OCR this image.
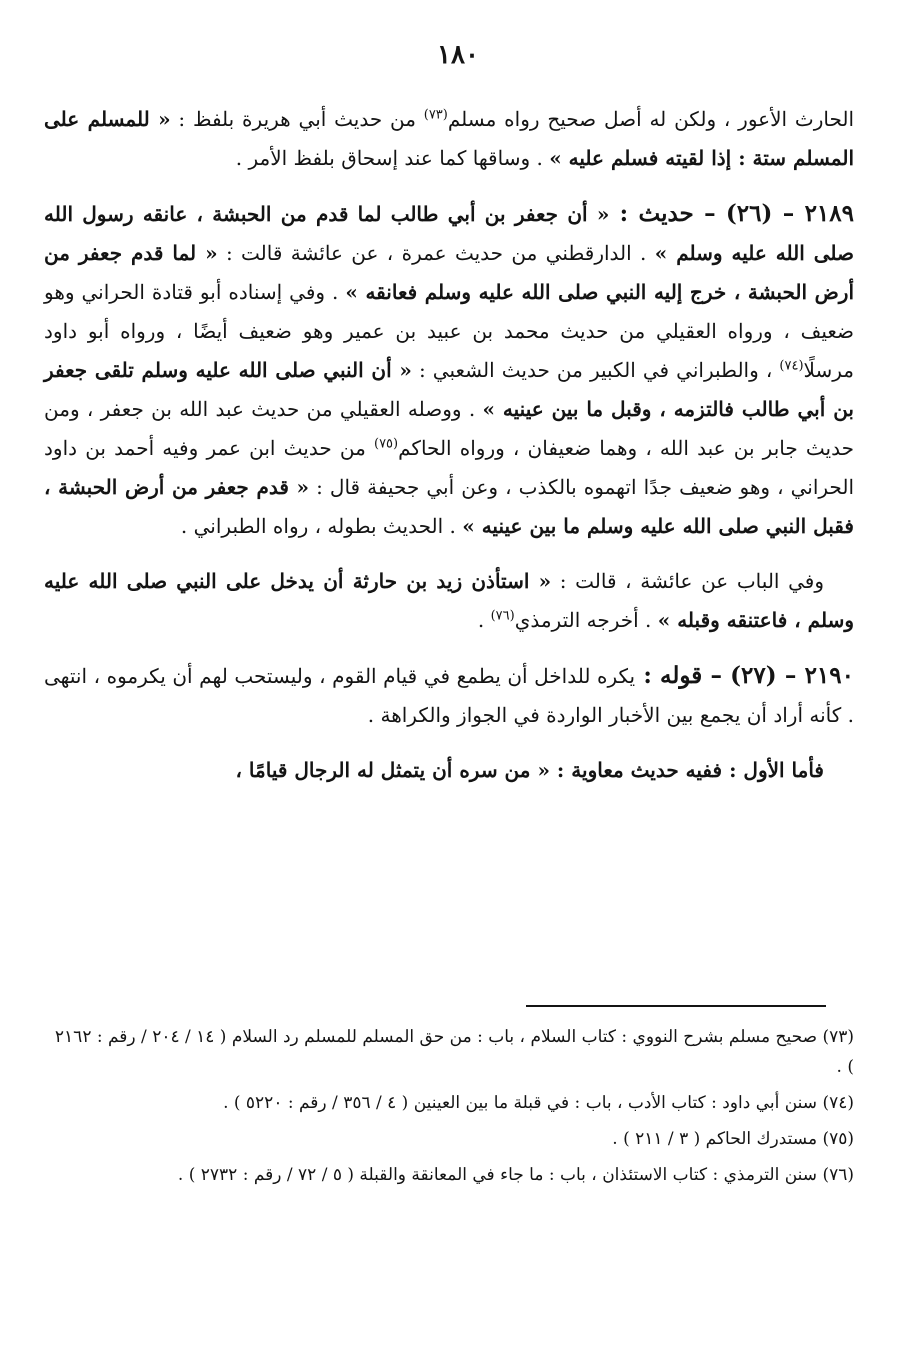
١٨٠

الحارث الأعور ، ولكن له أصل صحيح رواه مسلم$^{(٧٣)}$ من حديث أبي هريرة بلفظ : « للمسلم على المسلم ستة : إذا لقيته فسلم عليه » . وساقها كما عند إسحاق بلفظ الأمر .

٢١٨٩ – (٢٦) – حديث : « أن جعفر بن أبي طالب لما قدم من الحبشة ، عانقه رسول الله صلى الله عليه وسلم » . الدارقطني من حديث عمرة ، عن عائشة قالت : « لما قدم جعفر من أرض الحبشة ، خرج إليه النبي صلى الله عليه وسلم فعانقه » . وفي إسناده أبو قتادة الحراني وهو ضعيف ، ورواه العقيلي من حديث محمد بن عبيد بن عمير وهو ضعيف أيضًا ، ورواه أبو داود مرسلًا$^{(٧٤)}$ ، والطبراني في الكبير من حديث الشعبي : « أن النبي صلى الله عليه وسلم تلقى جعفر بن أبي طالب فالتزمه ، وقبل ما بين عينيه » . ووصله العقيلي من حديث عبد الله بن جعفر ، ومن حديث جابر بن عبد الله ، وهما ضعيفان ، ورواه الحاكم$^{(٧٥)}$ من حديث ابن عمر وفيه أحمد بن داود الحراني ، وهو ضعيف جدًا اتهموه بالكذب ، وعن أبي جحيفة قال : « قدم جعفر من أرض الحبشة ، فقبل النبي صلى الله عليه وسلم ما بين عينيه » . الحديث بطوله ، رواه الطبراني .

وفي الباب عن عائشة ، قالت : « استأذن زيد بن حارثة أن يدخل على النبي صلى الله عليه وسلم ، فاعتنقه وقبله » . أخرجه الترمذي$^{(٧٦)}$ .

٢١٩٠ – (٢٧) – قوله : يكره للداخل أن يطمع في قيام القوم ، وليستحب لهم أن يكرموه ، انتهى . كأنه أراد أن يجمع بين الأخبار الواردة في الجواز والكراهة .

فأما الأول : ففيه حديث معاوية : « من سره أن يتمثل له الرجال قيامًا ،

(٧٣) صحيح مسلم بشرح النووي : كتاب السلام ، باب : من حق المسلم للمسلم رد السلام ( ١٤ / ٢٠٤ / رقم : ٢١٦٢ ) .

(٧٤) سنن أبي داود : كتاب الأدب ، باب : في قبلة ما بين العينين ( ٤ / ٣٥٦ / رقم : ٥٢٢٠ ) .

(٧٥) مستدرك الحاكم ( ٣ / ٢١١ ) .

(٧٦) سنن الترمذي : كتاب الاستئذان ، باب : ما جاء في المعانقة والقبلة ( ٥ / ٧٢ / رقم : ٢٧٣٢ ) .
